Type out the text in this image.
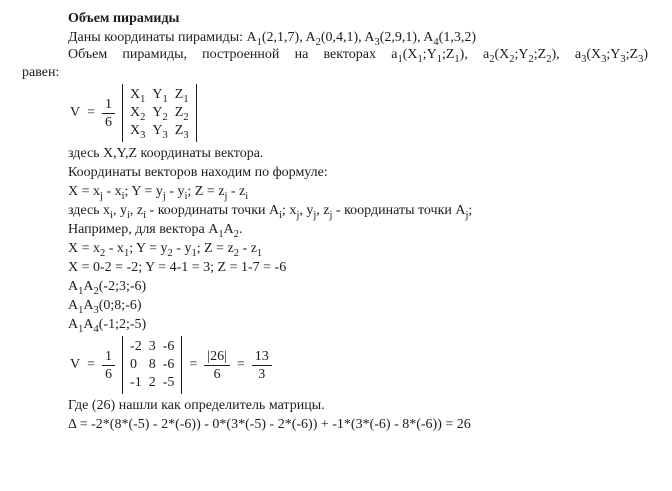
Объем пирамиды
Даны координаты пирамиды: $A_1(2,1,7)$, $A_2(0,4,1)$, $A_3(2,9,1)$, $A_4(1,3,2)$
Объем пирамиды, построенной на векторах $a_1(X_1;Y_1;Z_1)$, $a_2(X_2;Y_2;Z_2)$, $a_3(X_3;Y_3;Z_3)$
равен:
$V = \frac{1}{6}$
$X_1$ $Y_1$ $Z_1$
$X_2$ $Y_2$ $Z_2$
$X_3$ $Y_3$ $Z_3$
здесь X,Y,Z координаты вектора.
Координаты векторов находим по формуле:
$X = x_j - x_i$; $Y = y_j - y_i$; $Z = z_j - z_i$
здесь $x_i$, $y_i$, $z_i$ - координаты точки $A_i$; $x_j$, $y_j$, $z_j$ - координаты точки $A_j$;
Например, для вектора $A_1A_2$.
$X = x_2 - x_1$; $Y = y_2 - y_1$; $Z = z_2 - z_1$
X = 0-2 = -2; Y = 4-1 = 3; Z = 1-7 = -6
$A_1A_2(-2;3;-6)$
$A_1A_3(0;8;-6)$
$A_1A_4(-1;2;-5)$
$V = \frac{1}{6}$
-2 3 -6
0 8 -6
-1 2 -5
= $\frac{|26|}{6} = \frac{13}{3}$
Где (26) нашли как определитель матрицы.
Δ = -2*(8*(-5) - 2*(-6)) - 0*(3*(-5) - 2*(-6)) + -1*(3*(-6) - 8*(-6)) = 26
